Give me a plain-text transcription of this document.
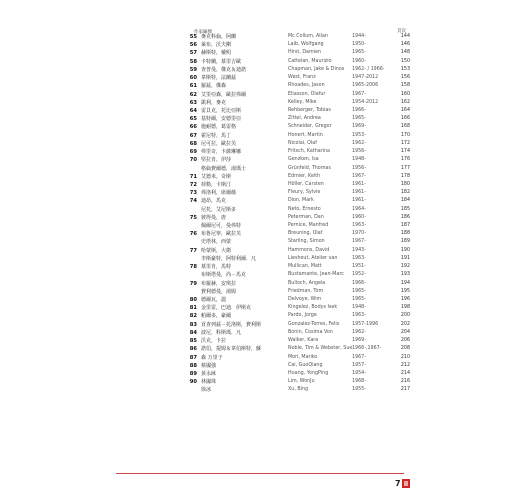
作家編號	頁次
55 麥克科倫，阿蘭	Mc Collum, Allan	1944-	144
56 萊布，沃夫剛	Laib, Wolfgang	1950-	146
57 赫斯特，戴明	Hirst, Damien	1965-	148
58 卡特蘭，慕里吉歐	Cattelan, Maurizio	1960-	150
59 查普曼，傑克＆迪諾	Chapman, Jake & Dinos 1962- / 1966-	153
60 韋斯特，法蘭茲	West, Franz	1947-2012	156
61 羅茲，傑森	Rhoades, Jason	1965-2006	158
62 艾里亞森，歐拉弗爾	Eliasson, Olafur	1967-	160
63 凱利，麥克	Kelley, Mike	1954-2012	162
64 雷貝克，托比亞斯	Rehberger, Tobias	1966-	164
65 基特爾，安德里亞	Zittel, Andrea	1965-	166
66 施耐德，葛雷格	Schneider, Gregor	1969-	168
67 霍尼特，馬丁	Honert, Martin	1953-	170
68 尼可拉，歐拉芙	Nicolai, Olaf	1962-	172
69 弗里奇，卡薩琳娜	Fritsch, Katharina	1956-	174
70 堅拉肯，伊莎	Genzken, Isa	1948-	176
格倫費爾德，湯瑪士	Grünfeld, Thomas	1956-	177
71 艾德米，奇斯	Edmier, Keith	1967-	178
72 荷勒，卡斯汀	Höller, Carsten	1961-	180
73 弗洛利，席爾薇	Fleury, Sylvie	1961-	182
74 迪昂，馬克	Dion, Mark	1961-	184
尼托，艾尼斯多	Neto, Ernesto	1964-	185
75 彼得曼，唐	Peterman, Dan	1960-	186
佩爾尼可，曼弗特	Pernice, Manfred	1963-	187
76 布魯尼寧，歐拉芙	Breuning, Olaf	1970-	188
史塔林，西蒙	Starling, Simon	1967-	189
77 哈蒙斯，大衛	Hammons, David	1943-	190
李斯豪特，阿特利爾．凡	Lieshout, Atelier van	1963-	191
78 慕里肯，馬特	Mullican, Matt	1951-	192
布斯塔曼，尚－馬克	Bustamante, Jean-Marc 1952-	193
79 布羅赫，安琪拉	Bulloch, Angela	1966-	194
費利德曼，湯姆	Friedman, Tom	1965-	195
80 德爾瓦，溫	Delvoye, Wim	1965-	196
81 金里雷，巴迪．伊斯克	Kingelez, Bodys Isek	1948-	198
82 帕爾多，豪爾	Pardo, Jorge	1963-	200
83 貢查列茲－托洛斯，費利斯	Gonzalez-Torres, Felix	1957-1996	202
84 波尼，科斯瑪．凡	Bonin, Cosima Von	1962-	204
85 沃克，卡拉	Walker, Kara	1969-	206
86 諾伯，提姆＆韋伯斯特，蘇	Noble, Tim & Webster, Sue 1966-,1967-	208
87 森 万里子	Mori, Mariko	1967-	210
88 蔡國強	Cai, GuoQiang	1957-	212
89 黃永砯	Huang, YongPing	1954-	214
90 林國珠	Lim, WonJu	1968-	216
徐冰	Xu, Bing	1955-	217
7
